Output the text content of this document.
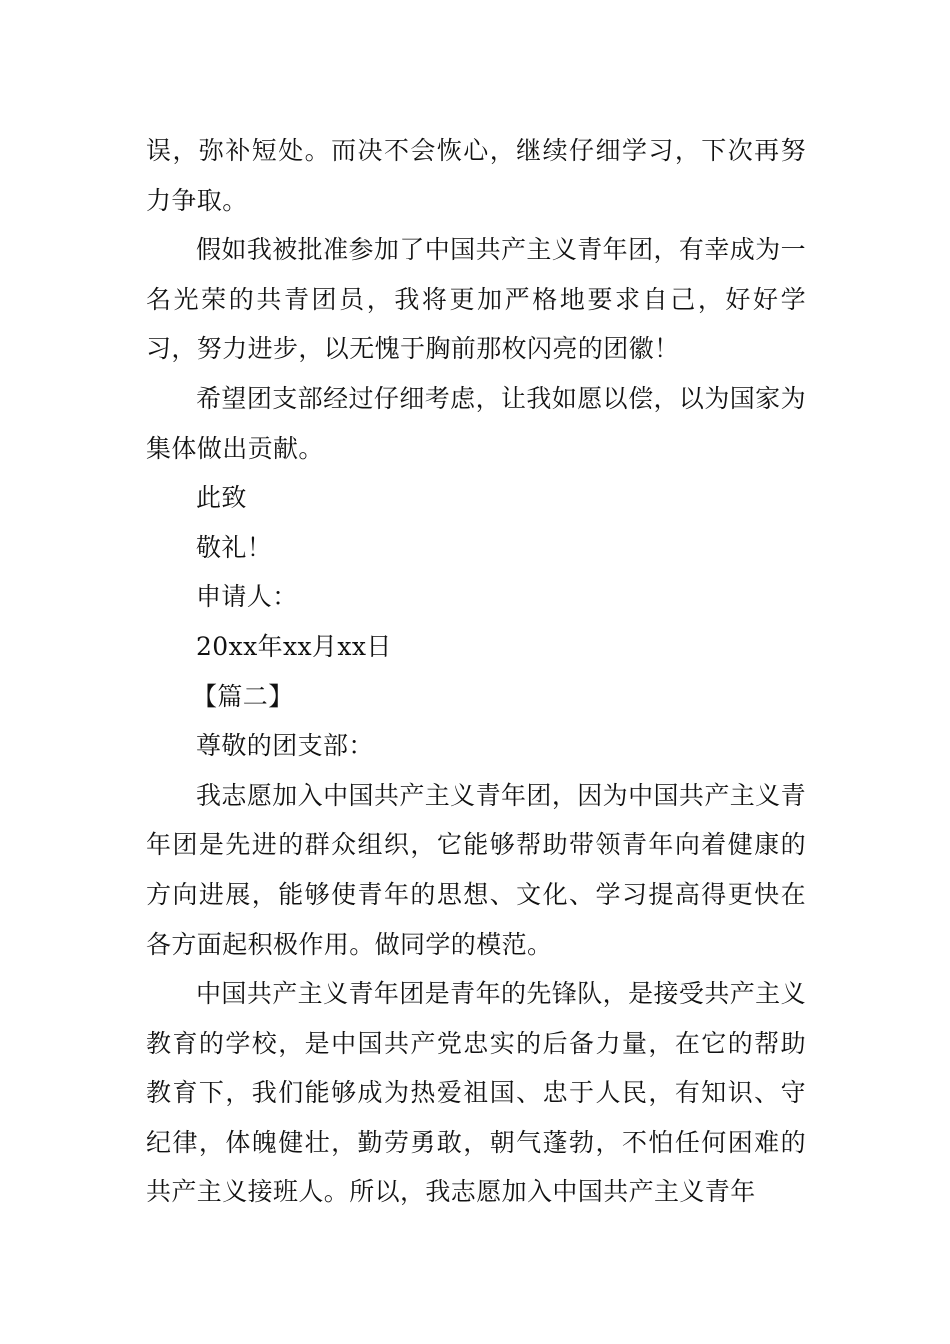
误，弥补短处。而决不会恢心，继续仔细学习，下次再努力争取。

假如我被批准参加了中国共产主义青年团，有幸成为一名光荣的共青团员，我将更加严格地要求自己，好好学习，努力进步，以无愧于胸前那枚闪亮的团徽！

希望团支部经过仔细考虑，让我如愿以偿，以为国家为集体做出贡献。

此致

敬礼！

申请人：

20xx年xx月xx日

【篇二】

尊敬的团支部：

我志愿加入中国共产主义青年团，因为中国共产主义青年团是先进的群众组织，它能够帮助带领青年向着健康的方向进展，能够使青年的思想、文化、学习提高得更快在各方面起积极作用。做同学的模范。

中国共产主义青年团是青年的先锋队，是接受共产主义教育的学校，是中国共产党忠实的后备力量，在它的帮助教育下，我们能够成为热爱祖国、忠于人民，有知识、守纪律，体魄健壮，勤劳勇敢，朝气蓬勃，不怕任何困难的共产主义接班人。所以，我志愿加入中国共产主义青年
